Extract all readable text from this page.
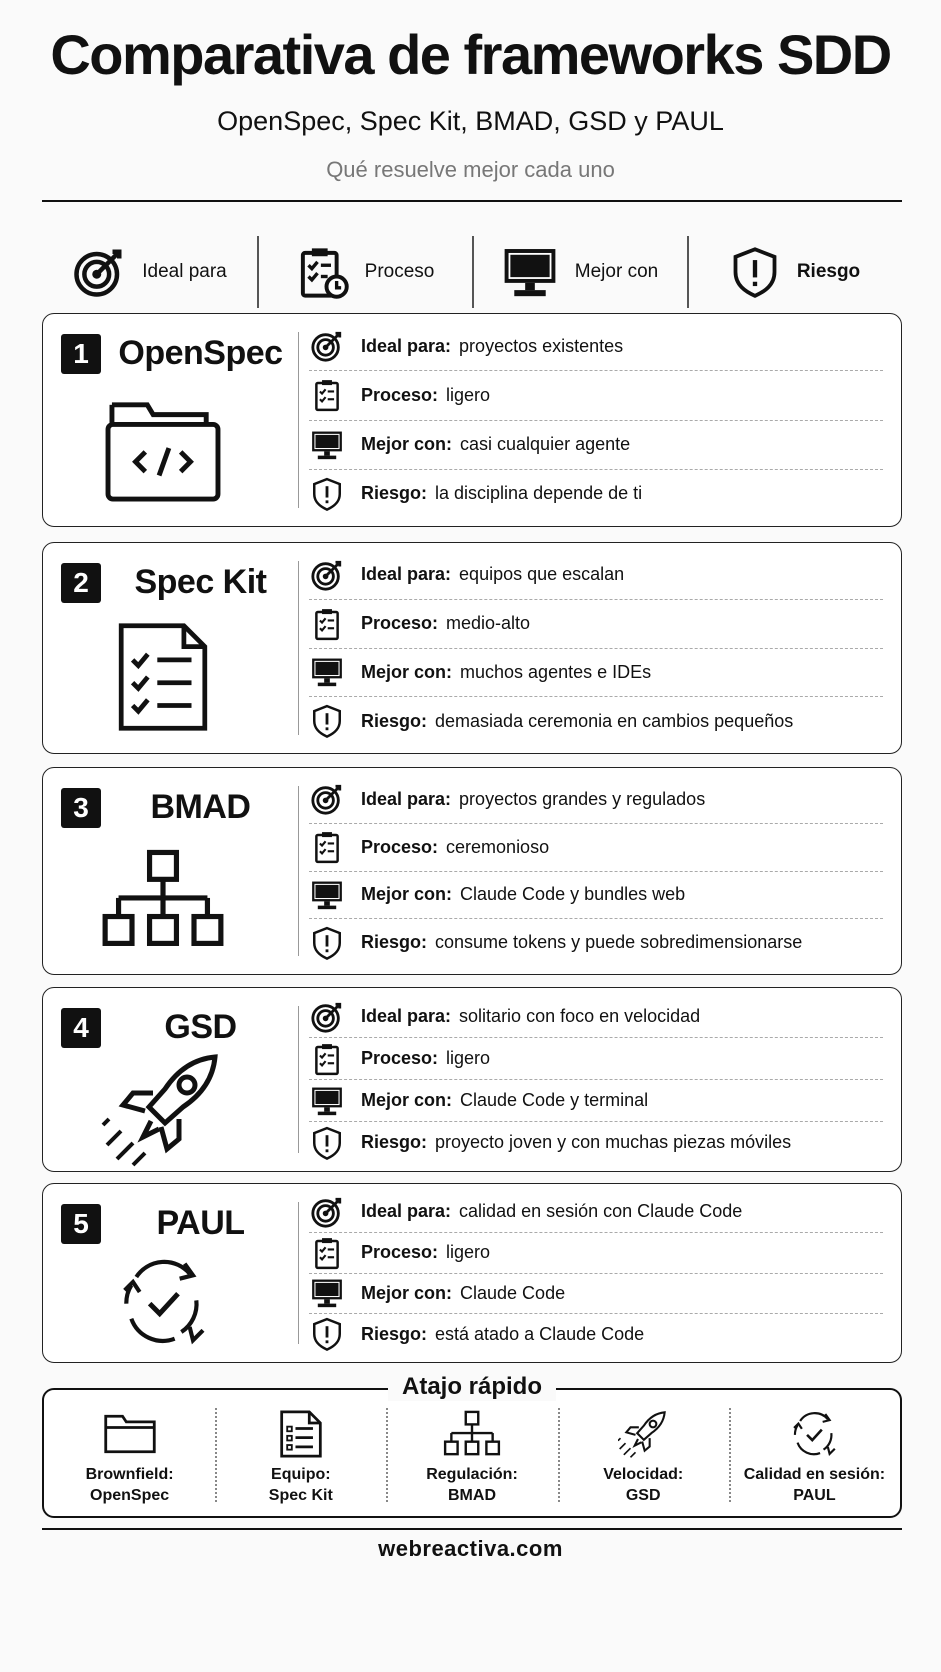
Comparativa de frameworks SDD
OpenSpec, Spec Kit, BMAD, GSD y PAUL
Qué resuelve mejor cada uno
Ideal para	Proceso	Mejor con	Riesgo
1 OpenSpec	Ideal para: proyectos existentes
Proceso: ligero
Mejor con: casi cualquier agente
Riesgo: la disciplina depende de ti
2	Spec Kit	Ideal para: equipos que escalan
Proceso: medio-alto
Mejor con: muchos agentes e IDEs
Riesgo: demasiada ceremonia en cambios pequeños
3	BMAD	Ideal para: proyectos grandes y regulados
Proceso: ceremonioso
Mejor con: Claude Code y bundles web
Riesgo: consume tokens y puede sobredimensionarse
4	GSD	Ideal para: solitario con foco en velocidad
Proceso: ligero
Mejor con: Claude Code y terminal
Riesgo: proyecto joven y con muchas piezas móviles
5	PAUL	Ideal para: calidad en sesión con Claude Code
Proceso: ligero
Mejor con: Claude Code
Riesgo: está atado a Claude Code
Atajo rápido
Brownfield:
OpenSpec
Equipo:
Spec Kit
Regulación:
BMAD
Velocidad:
GSD
Calidad en sesión:
PAUL
webreactiva.com
